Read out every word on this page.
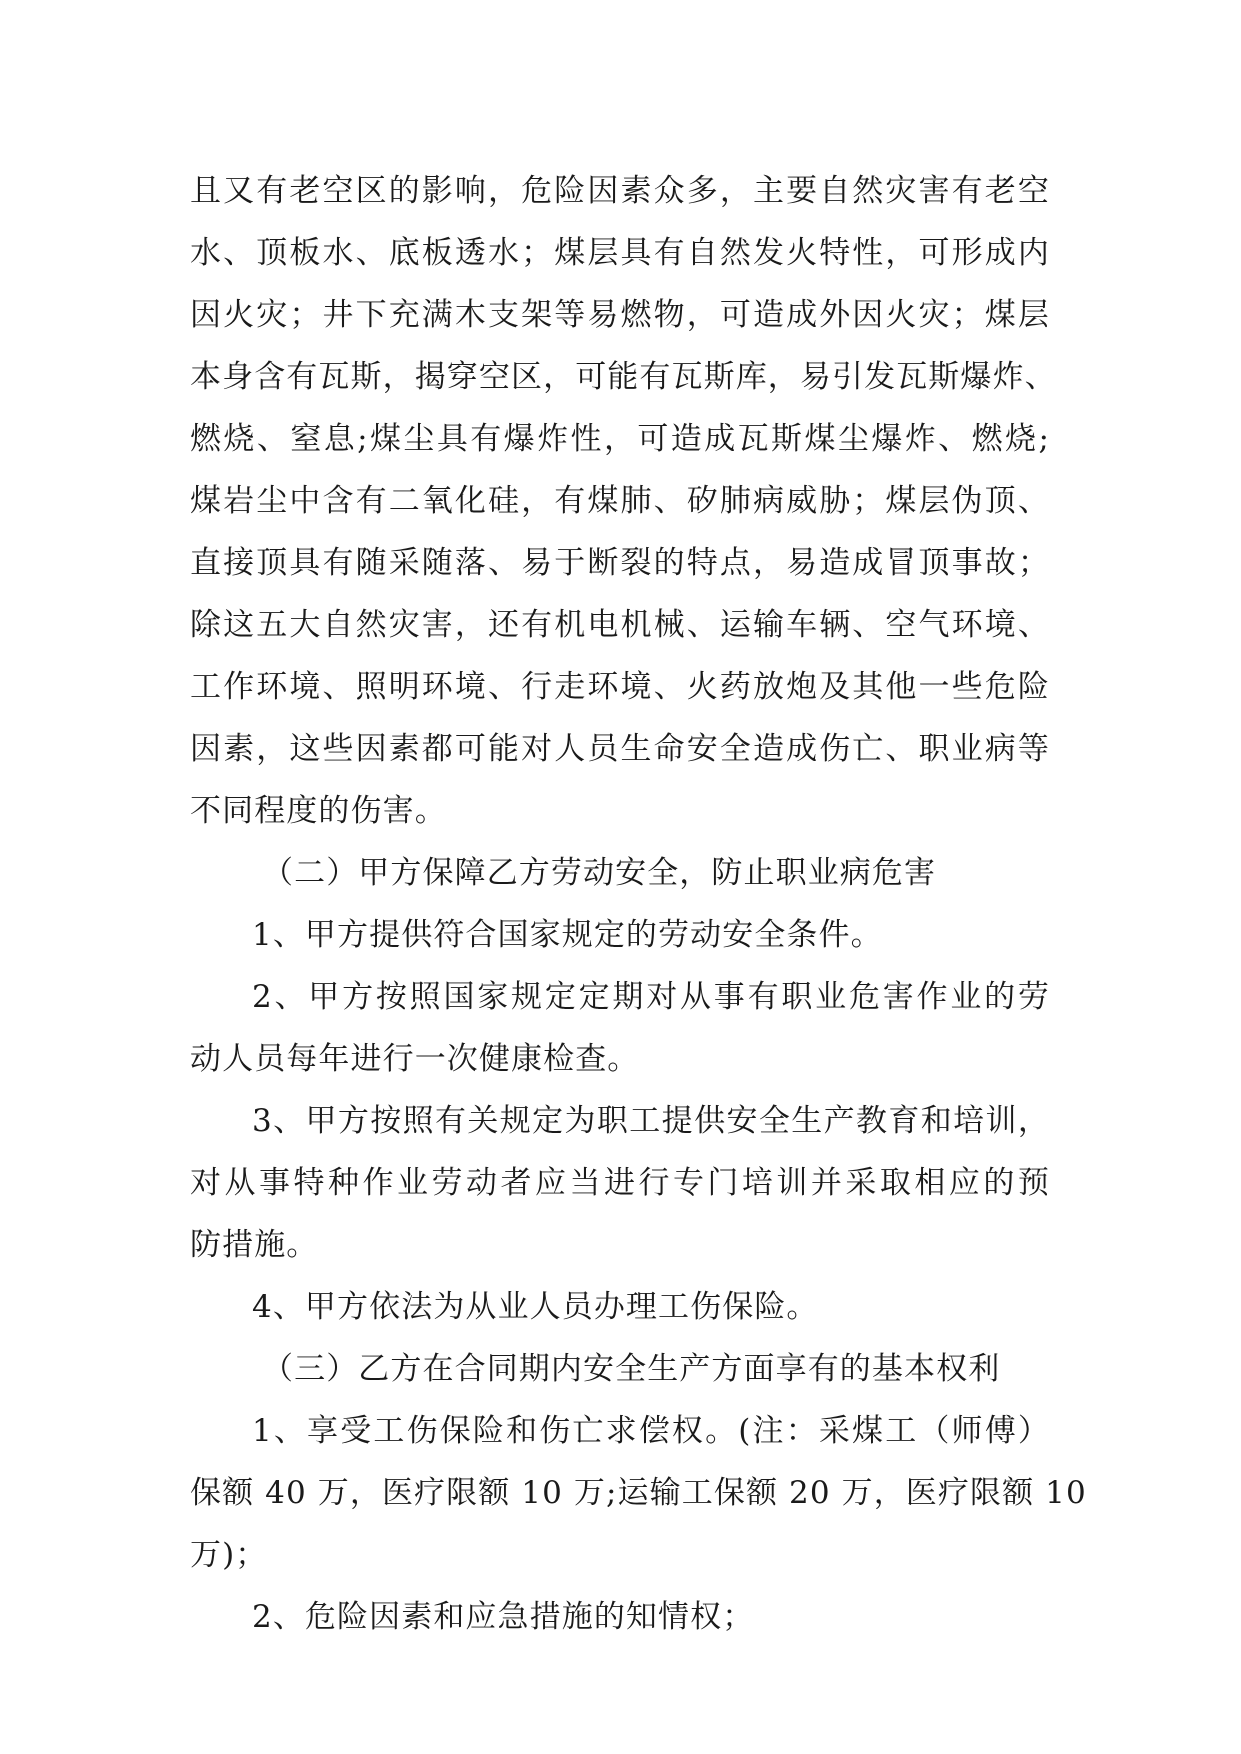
且又有老空区的影响，危险因素众多，主要自然灾害有老空
水、顶板水、底板透水；煤层具有自然发火特性，可形成内
因火灾；井下充满木支架等易燃物，可造成外因火灾；煤层
本身含有瓦斯，揭穿空区，可能有瓦斯库，易引发瓦斯爆炸、
燃烧、窒息;煤尘具有爆炸性，可造成瓦斯煤尘爆炸、燃烧;
煤岩尘中含有二氧化硅，有煤肺、矽肺病威胁；煤层伪顶、
直接顶具有随采随落、易于断裂的特点，易造成冒顶事故；
除这五大自然灾害，还有机电机械、运输车辆、空气环境、
工作环境、照明环境、行走环境、火药放炮及其他一些危险
因素，这些因素都可能对人员生命安全造成伤亡、职业病等
不同程度的伤害。
（二）甲方保障乙方劳动安全，防止职业病危害
1、甲方提供符合国家规定的劳动安全条件。
2、甲方按照国家规定定期对从事有职业危害作业的劳
动人员每年进行一次健康检查。
3、甲方按照有关规定为职工提供安全生产教育和培训，
对从事特种作业劳动者应当进行专门培训并采取相应的预
防措施。
4、甲方依法为从业人员办理工伤保险。
（三）乙方在合同期内安全生产方面享有的基本权利
1、享受工伤保险和伤亡求偿权。(注：采煤工（师傅）
保额 40 万，医疗限额 10 万;运输工保额 20 万，医疗限额 10
万)；
2、危险因素和应急措施的知情权；
